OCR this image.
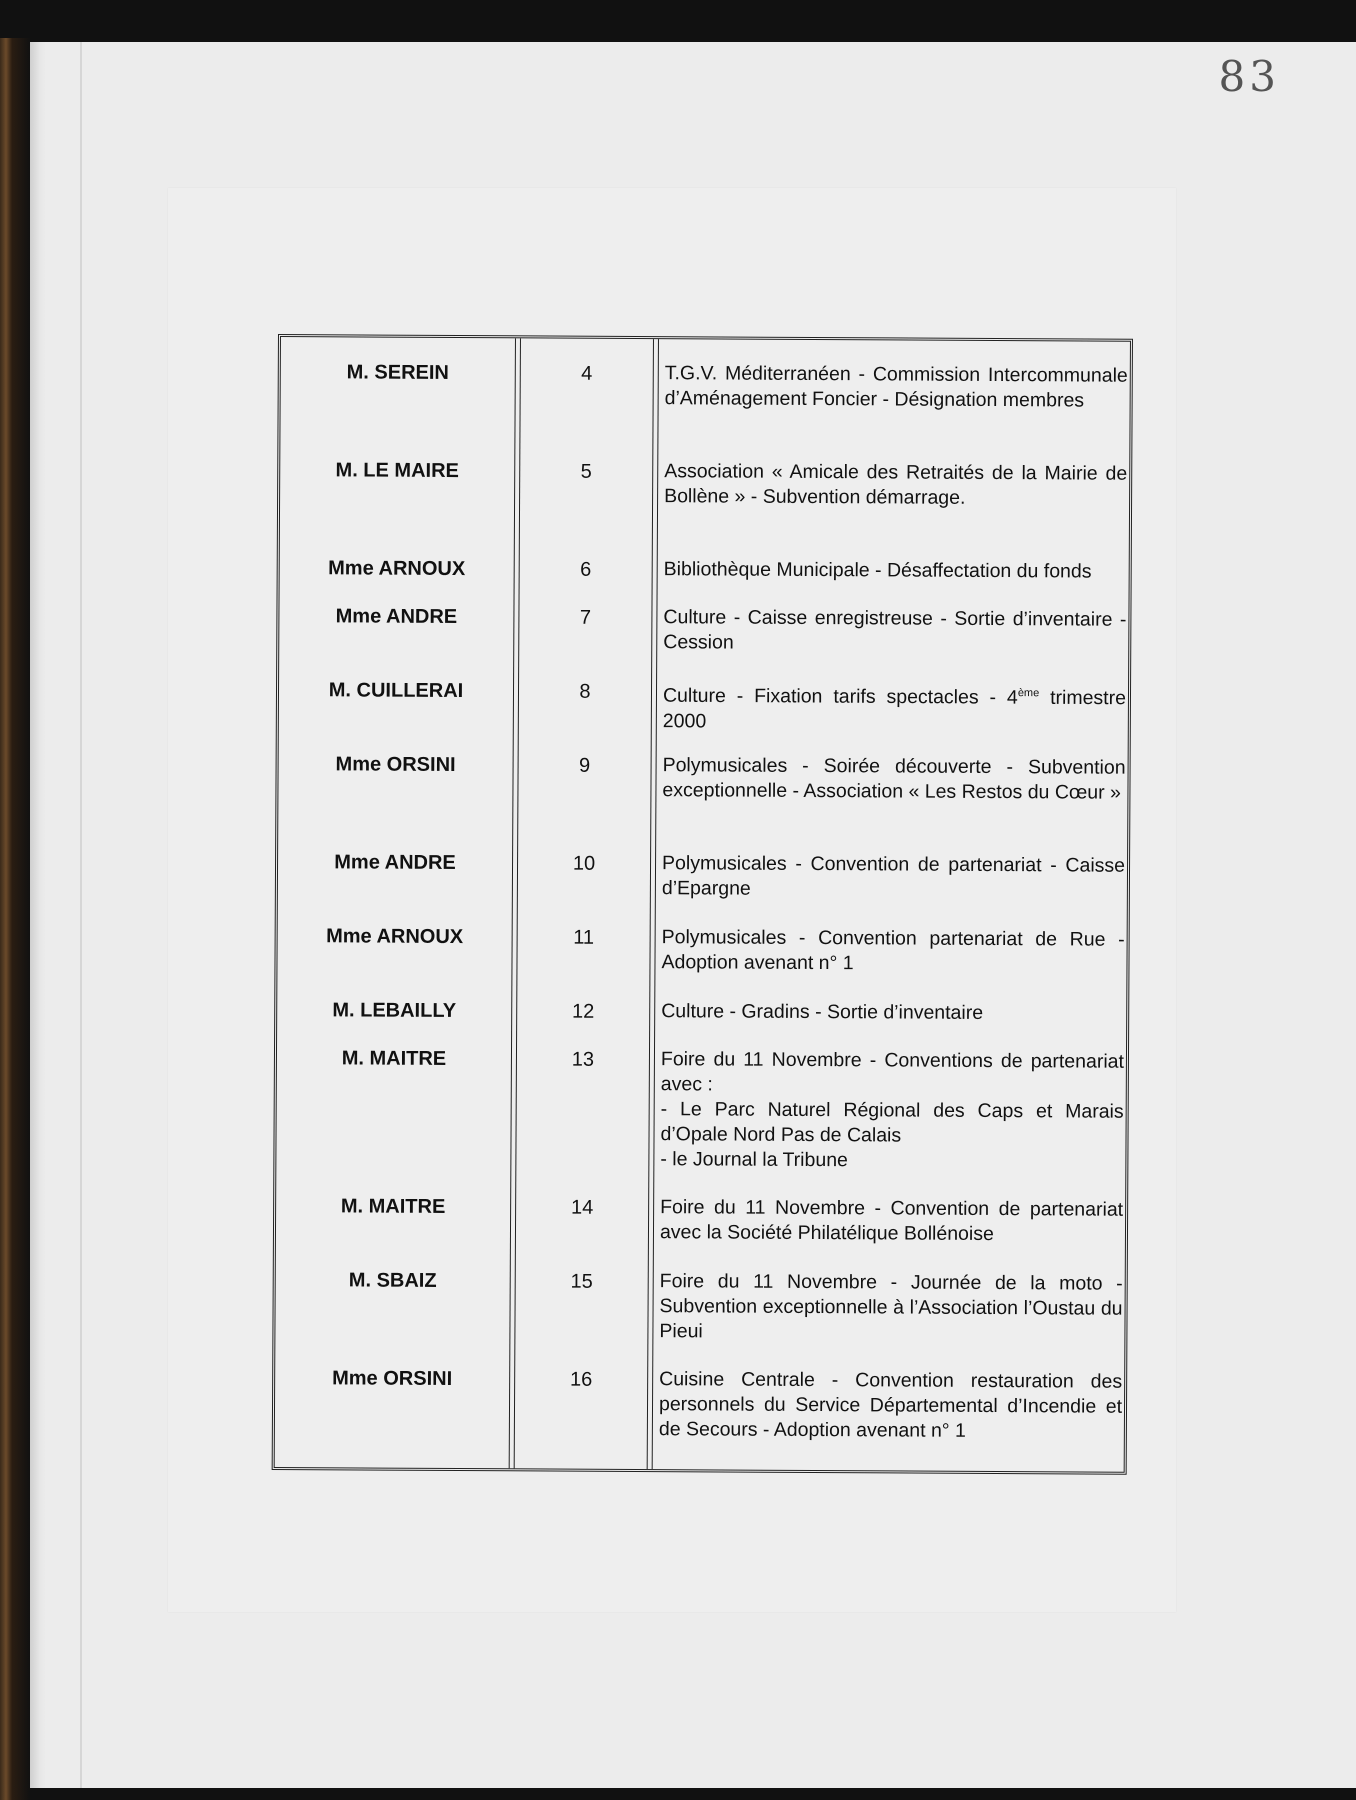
83
M. SEREIN	4	T.G.V. Méditerranéen - Commission Intercommunale d’Aménagement Foncier - Désignation membres
M. LE MAIRE	5	Association « Amicale des Retraités de la Mairie de Bollène » - Subvention démarrage.
Mme ARNOUX	6	Bibliothèque Municipale - Désaffectation du fonds
Mme ANDRE	7	Culture - Caisse enregistreuse - Sortie d’inventaire - Cession
M. CUILLERAI	8	Culture - Fixation tarifs spectacles - 4ème trimestre 2000
Mme ORSINI	9	Polymusicales - Soirée découverte - Subvention exceptionnelle - Association « Les Restos du Cœur »
Mme ANDRE	10	Polymusicales - Convention de partenariat - Caisse d’Epargne
Mme ARNOUX	11	Polymusicales - Convention partenariat de Rue - Adoption avenant n° 1
M. LEBAILLY	12	Culture - Gradins - Sortie d’inventaire
M. MAITRE	13	Foire du 11 Novembre - Conventions de partenariat avec :
- Le Parc Naturel Régional des Caps et Marais d’Opale Nord Pas de Calais
- le Journal la Tribune
M. MAITRE	14	Foire du 11 Novembre - Convention de partenariat avec la Société Philatélique Bollénoise
M. SBAIZ	15	Foire du 11 Novembre - Journée de la moto - Subvention exceptionnelle à l’Association l’Oustau du Pieui
Mme ORSINI	16	Cuisine Centrale - Convention restauration des personnels du Service Départemental d’Incendie et de Secours - Adoption avenant n° 1
